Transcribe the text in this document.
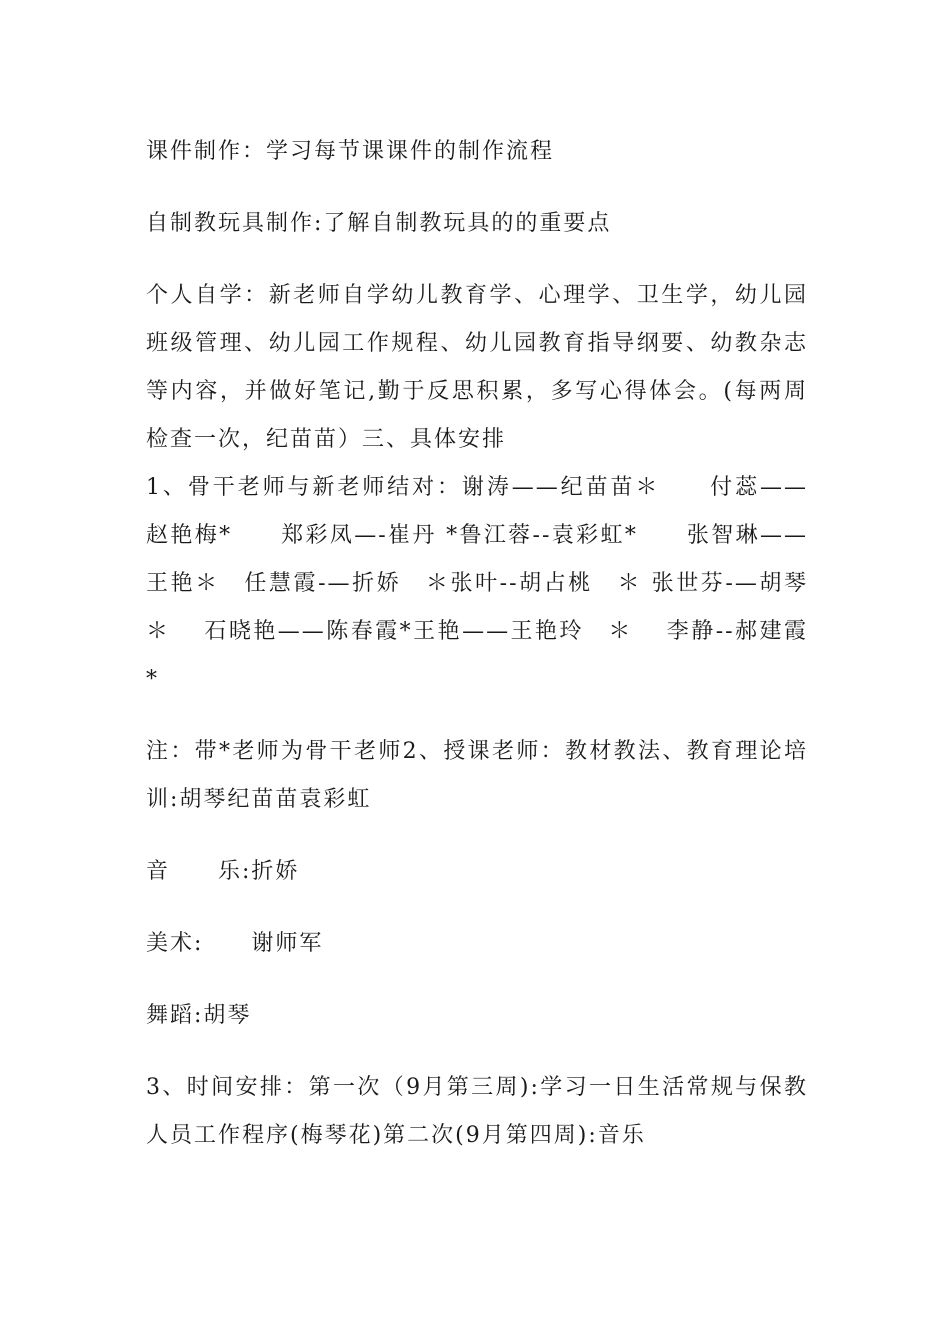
课件制作：学习每节课课件的制作流程

自制教玩具制作:了解自制教玩具的的重要点

个人自学：新老师自学幼儿教育学、心理学、卫生学，幼儿园班级管理、幼儿园工作规程、幼儿园教育指导纲要、幼教杂志等内容，并做好笔记,勤于反思积累，多写心得体会。(每两周检查一次，纪苗苗）三、具体安排

1、骨干老师与新老师结对：谢涛——纪苗苗＊　　付蕊——赵艳梅*　　郑彩凤—-崔丹 *鲁江蓉--袁彩虹*　　张智琳——王艳＊　任慧霞-—折娇　＊张叶--胡占桃　＊ 张世芬-—胡琴＊　 石晓艳——陈春霞*王艳——王艳玲　＊　 李静--郝建霞*

注：带*老师为骨干老师2、授课老师：教材教法、教育理论培训:胡琴纪苗苗袁彩虹

音　　乐:折娇

美术:　　谢师军

舞蹈:胡琴

3、时间安排：第一次（9月第三周):学习一日生活常规与保教人员工作程序(梅琴花)第二次(9月第四周):音乐
